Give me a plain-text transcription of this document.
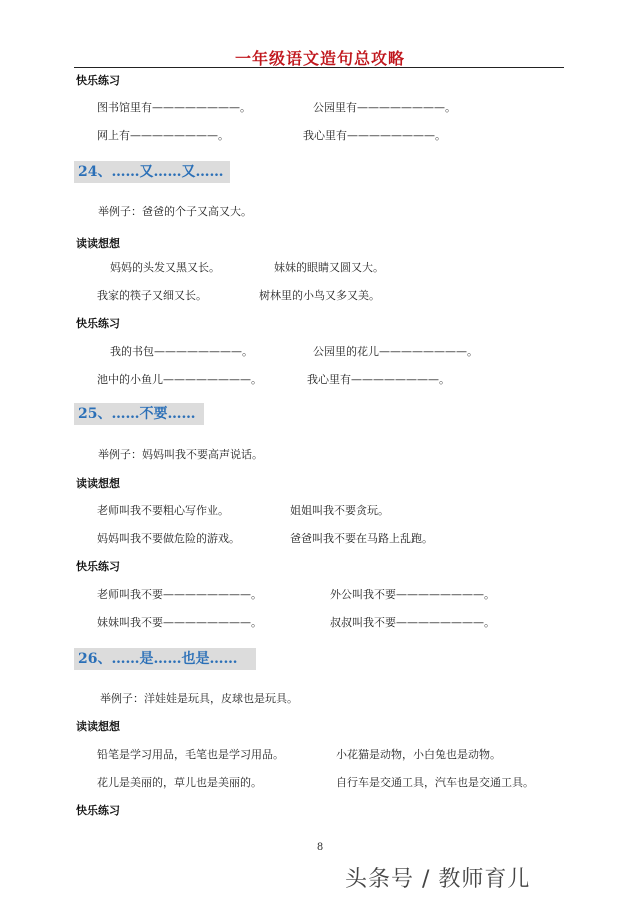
一年级语文造句总攻略
快乐练习
图书馆里有————————。	公园里有————————。
网上有————————。	我心里有————————。
24、……又……又……
举例子：爸爸的个子又高又大。
读读想想
妈妈的头发又黑又长。	妹妹的眼睛又圆又大。
我家的筷子又细又长。	树林里的小鸟又多又美。
快乐练习
我的书包————————。	公园里的花儿————————。
池中的小鱼儿————————。	我心里有————————。
25、……不要……
举例子：妈妈叫我不要高声说话。
读读想想
老师叫我不要粗心写作业。	姐姐叫我不要贪玩。
妈妈叫我不要做危险的游戏。	爸爸叫我不要在马路上乱跑。
快乐练习
老师叫我不要————————。	外公叫我不要————————。
妹妹叫我不要————————。	叔叔叫我不要————————。
26、……是……也是……
举例子：洋娃娃是玩具，皮球也是玩具。
读读想想
铅笔是学习用品，毛笔也是学习用品。	小花猫是动物，小白兔也是动物。
花儿是美丽的，草儿也是美丽的。	自行车是交通工具，汽车也是交通工具。
快乐练习
8
头条号 / 教师育儿
